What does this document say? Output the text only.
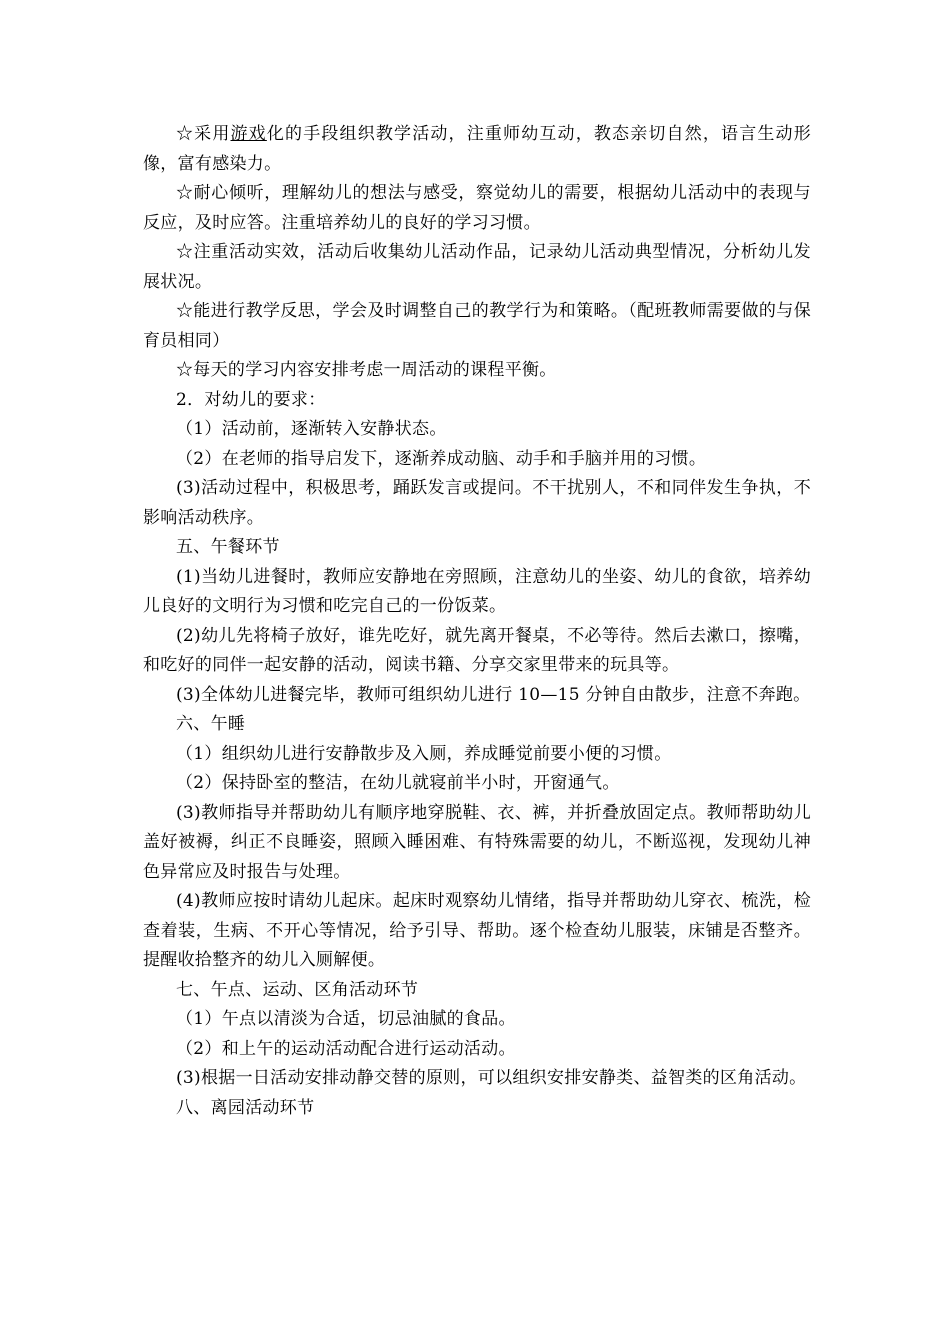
☆采用游戏化的手段组织教学活动，注重师幼互动，教态亲切自然，语言生动形像，富有感染力。

☆耐心倾听，理解幼儿的想法与感受，察觉幼儿的需要，根据幼儿活动中的表现与反应，及时应答。注重培养幼儿的良好的学习习惯。

☆注重活动实效，活动后收集幼儿活动作品，记录幼儿活动典型情况，分析幼儿发展状况。

☆能进行教学反思，学会及时调整自己的教学行为和策略。（配班教师需要做的与保育员相同）

☆每天的学习内容安排考虑一周活动的课程平衡。

2．对幼儿的要求：

（1）活动前，逐渐转入安静状态。

（2）在老师的指导启发下，逐渐养成动脑、动手和手脑并用的习惯。

(3)活动过程中，积极思考，踊跃发言或提问。不干扰别人，不和同伴发生争执，不影响活动秩序。

五、午餐环节

(1)当幼儿进餐时，教师应安静地在旁照顾，注意幼儿的坐姿、幼儿的食欲，培养幼儿良好的文明行为习惯和吃完自己的一份饭菜。

(2)幼儿先将椅子放好，谁先吃好，就先离开餐桌，不必等待。然后去漱口，擦嘴，和吃好的同伴一起安静的活动，阅读书籍、分享交家里带来的玩具等。

(3)全体幼儿进餐完毕，教师可组织幼儿进行 10—15 分钟自由散步，注意不奔跑。

六、午睡

（1）组织幼儿进行安静散步及入厕，养成睡觉前要小便的习惯。

（2）保持卧室的整洁，在幼儿就寝前半小时，开窗通气。

(3)教师指导并帮助幼儿有顺序地穿脱鞋、衣、裤，并折叠放固定点。教师帮助幼儿盖好被褥，纠正不良睡姿，照顾入睡困难、有特殊需要的幼儿，不断巡视，发现幼儿神色异常应及时报告与处理。

(4)教师应按时请幼儿起床。起床时观察幼儿情绪，指导并帮助幼儿穿衣、梳洗，检查着装，生病、不开心等情况，给予引导、帮助。逐个检查幼儿服装，床铺是否整齐。提醒收拾整齐的幼儿入厕解便。

七、午点、运动、区角活动环节

（1）午点以清淡为合适，切忌油腻的食品。

（2）和上午的运动活动配合进行运动活动。

(3)根据一日活动安排动静交替的原则，可以组织安排安静类、益智类的区角活动。

八、离园活动环节
